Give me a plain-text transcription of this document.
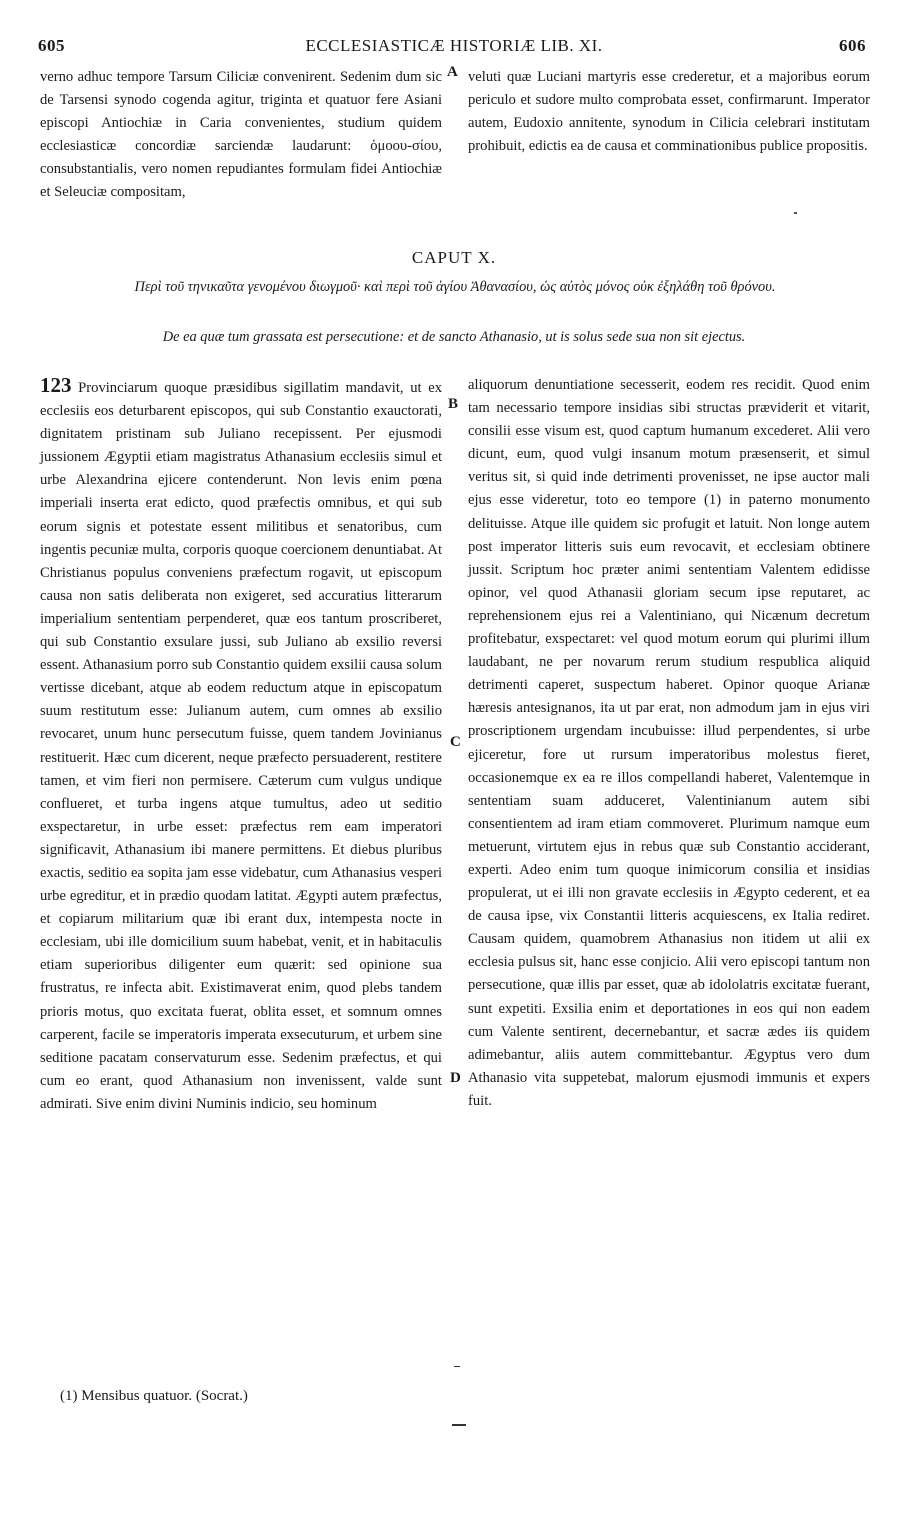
605	ECCLESIASTICÆ HISTORIÆ LIB. XI.	606

verno adhuc tempore Tarsum Ciliciæ convenirent. Sedenim dum sic de Tarsensi synodo cogenda agitur, triginta et quatuor fere Asiani episcopi Antiochiæ in Caria convenientes, studium quidem ecclesiasticæ concordiæ sarciendæ laudarunt: ὁμοου-σίου, consubstantialis, vero nomen repudiantes formulam fidei Antiochiæ et Seleuciæ compositam,

veluti quæ Luciani martyris esse crederetur, et a majoribus eorum periculo et sudore multo comprobata esset, confirmarunt. Imperator autem, Eudoxio annitente, synodum in Cilicia celebrari institutam prohibuit, edictis ea de causa et comminationibus publice propositis.

A
CAPUT X.
Περὶ τοῦ τηνικαῦτα γενομένου διωγμοῦ· καὶ περὶ τοῦ ἁγίου Ἀθανασίου, ὡς αὐτὸς μόνος οὐκ ἐξηλάθη τοῦ θρόνου.
De ea quæ tum grassata est persecutione: et de sancto Athanasio, ut is solus sede sua non sit ejectus.

123 Provinciarum quoque præsidibus sigillatim mandavit, ut ex ecclesiis eos deturbarent episcopos, qui sub Constantio exauctorati, dignitatem pristinam sub Juliano recepissent. Per ejusmodi jussionem Ægyptii etiam magistratus Athanasium ecclesiis simul et urbe Alexandrina ejicere contenderunt. Non levis enim pœna imperiali inserta erat edicto, quod præfectis omnibus, et qui sub eorum signis et potestate essent militibus et senatoribus, cum ingentis pecuniæ multa, corporis quoque coercionem denuntiabat. At Christianus populus conveniens præfectum rogavit, ut episcopum causa non satis deliberata non exigeret, sed accuratius litterarum imperialium sententiam perpenderet, quæ eos tantum proscriberet, qui sub Constantio exsulare jussi, sub Juliano ab exsilio reversi essent. Athanasium porro sub Constantio quidem exsilii causa solum vertisse dicebant, atque ab eodem reductum atque in episcopatum suum restitutum esse: Julianum autem, cum omnes ab exsilio revocaret, unum hunc persecutum fuisse, quem tandem Jovinianus restituerit. Hæc cum dicerent, neque præfecto persuaderent, restitere tamen, et vim fieri non permisere. Cæterum cum vulgus undique conflueret, et turba ingens atque tumultus, adeo ut seditio exspectaretur, in urbe esset: præfectus rem eam imperatori significavit, Athanasium ibi manere permittens. Et diebus pluribus exactis, seditio ea sopita jam esse videbatur, cum Athanasius vesperi urbe egreditur, et in prædio quodam latitat. Ægypti autem præfectus, et copiarum militarium quæ ibi erant dux, intempesta nocte in ecclesiam, ubi ille domicilium suum habebat, venit, et in habitaculis etiam superioribus diligenter eum quærit: sed opinione sua frustratus, re infecta abit. Existimaverat enim, quod plebs tandem prioris motus, quo excitata fuerat, oblita esset, et somnum omnes carperent, facile se imperatoris imperata exsecuturum, et urbem sine seditione pacatam conservaturum esse. Sedenim præfectus, et qui cum eo erant, quod Athanasium non invenissent, valde sunt admirati. Sive enim divini Numinis indicio, seu hominum

aliquorum denuntiatione secesserit, eodem res recidit. Quod enim tam necessario tempore insidias sibi structas præviderit et vitarit, consilii esse visum est, quod captum humanum excederet. Alii vero dicunt, eum, quod vulgi insanum motum præsenserit, et simul veritus sit, si quid inde detrimenti provenisset, ne ipse auctor mali ejus esse videretur, toto eo tempore (1) in paterno monumento delituisse. Atque ille quidem sic profugit et latuit. Non longe autem post imperator litteris suis eum revocavit, et ecclesiam obtinere jussit. Scriptum hoc præter animi sententiam Valentem edidisse opinor, vel quod Athanasii gloriam secum ipse reputaret, ac reprehensionem ejus rei a Valentiniano, qui Nicænum decretum profitebatur, exspectaret: vel quod motum eorum qui plurimi illum laudabant, ne per novarum rerum studium respublica aliquid detrimenti caperet, suspectum haberet. Opinor quoque Arianæ hæresis antesignanos, ita ut par erat, non admodum jam in ejus viri proscriptionem urgendam incubuisse: illud perpendentes, si urbe ejiceretur, fore ut rursum imperatoribus molestus fieret, occasionemque ex ea re illos compellandi haberet, Valentemque in sententiam suam adduceret, Valentinianum autem sibi consentientem ad iram etiam commoveret. Plurimum namque eum metuerunt, virtutem ejus in rebus quæ sub Constantio acciderant, experti. Adeo enim tum quoque inimicorum consilia et insidias propulerat, ut ei illi non gravate ecclesiis in Ægypto cederent, et ea de causa ipse, vix Constantii litteris acquiescens, ex Italia rediret. Causam quidem, quamobrem Athanasius non itidem ut alii ex ecclesia pulsus sit, hanc esse conjicio. Alii vero episcopi tantum non persecutione, quæ illis par esset, quæ ab idololatris excitatæ fuerant, sunt expetiti. Exsilia enim et deportationes in eos qui non eadem cum Valente sentirent, decernebantur, et sacræ ædes iis quidem adimebantur, aliis autem committebantur. Ægyptus vero dum Athanasio vita suppetebat, malorum ejusmodi immunis et expers fuit.

B
C
D
(1) Mensibus quatuor. (Socrat.)
